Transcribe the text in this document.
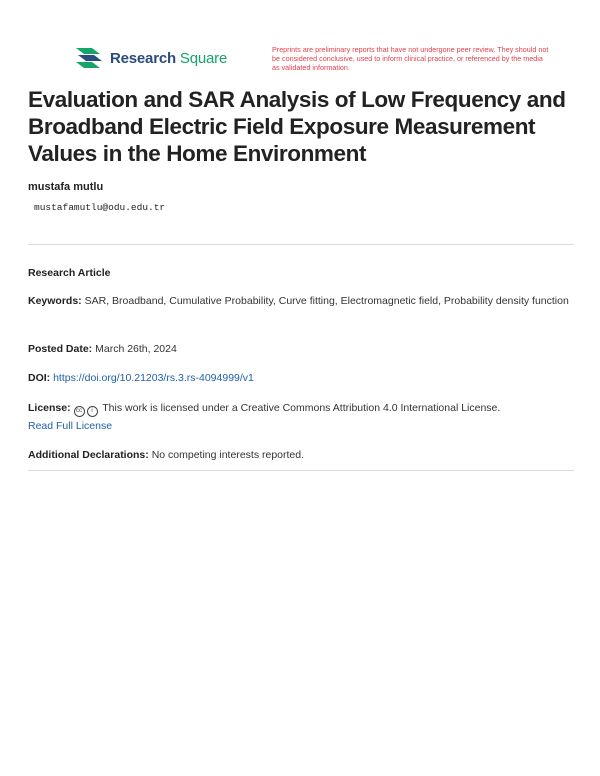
Research Square	Preprints are preliminary reports that have not undergone peer review. They should not be considered conclusive, used to inform clinical practice, or referenced by the media as validated information.
Evaluation and SAR Analysis of Low Frequency and Broadband Electric Field Exposure Measurement Values in the Home Environment
mustafa mutlu
mustafamutlu@odu.edu.tr
Research Article
Keywords: SAR, Broadband, Cumulative Probability, Curve fitting, Electromagnetic field, Probability density function
Posted Date: March 26th, 2024
DOI: https://doi.org/10.21203/rs.3.rs-4094999/v1
License: cc i This work is licensed under a Creative Commons Attribution 4.0 International License.
Read Full License
Additional Declarations: No competing interests reported.
